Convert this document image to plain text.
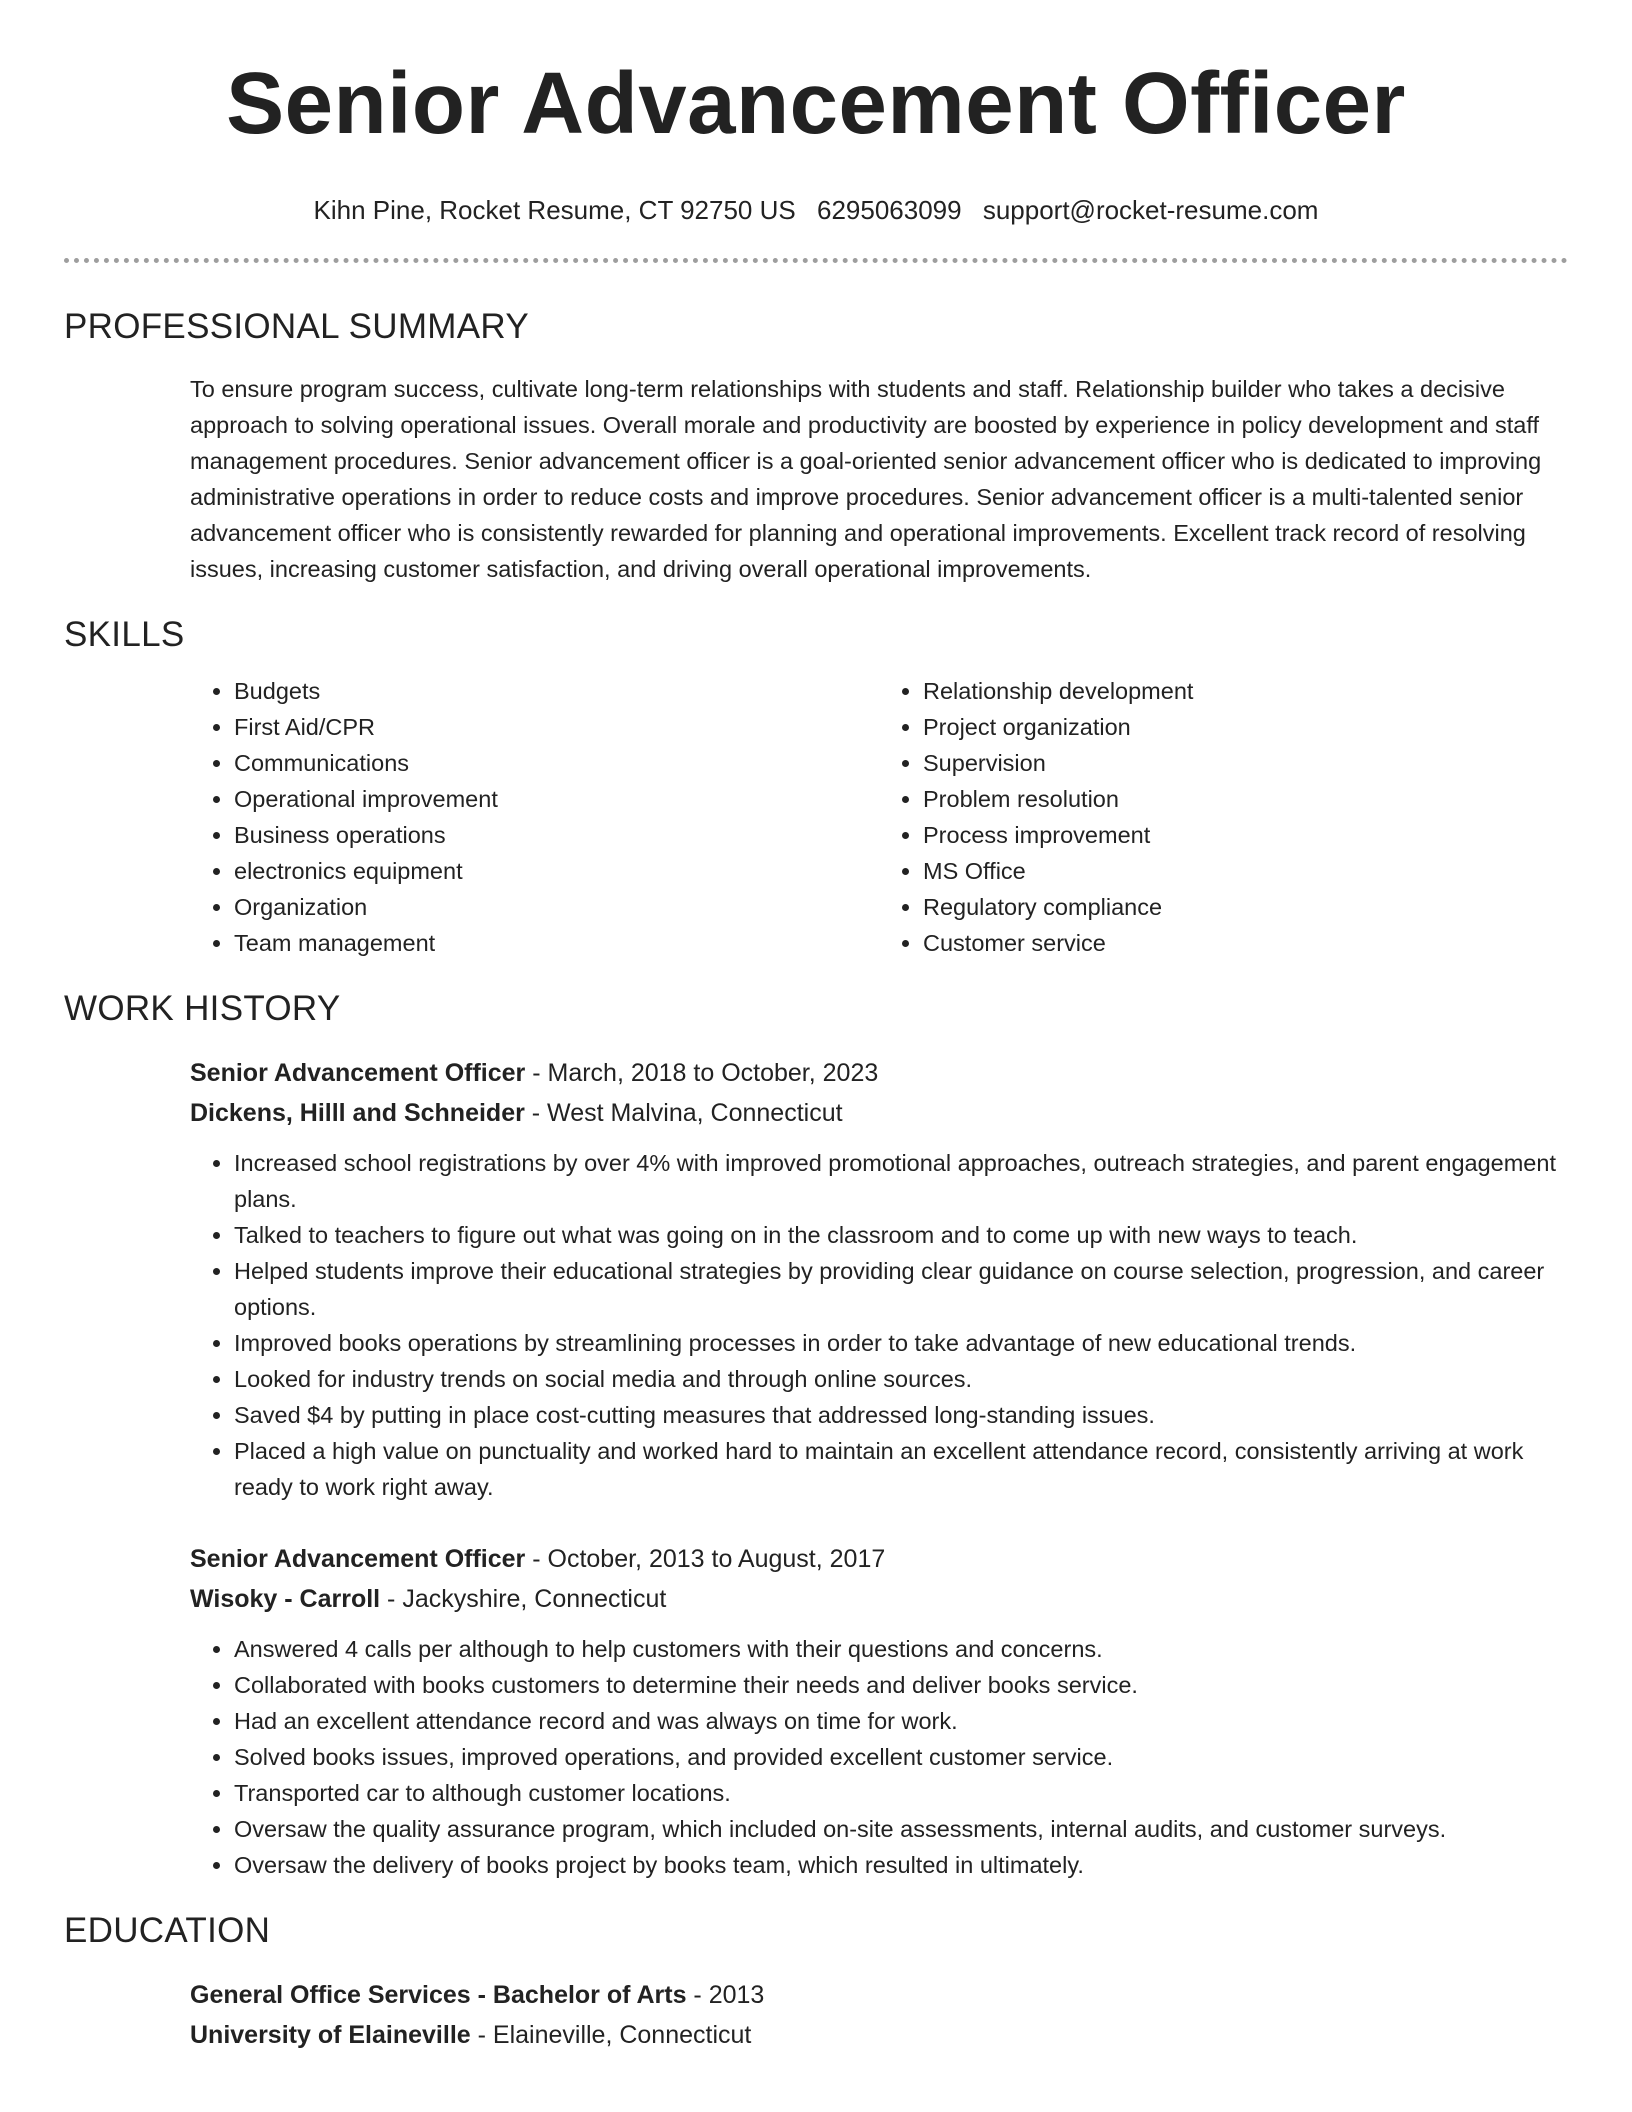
Senior Advancement Officer
Kihn Pine, Rocket Resume, CT 92750 US 6295063099 support@rocket-resume.com
PROFESSIONAL SUMMARY

To ensure program success, cultivate long-term relationships with students and staff. Relationship builder who takes a decisive approach to solving operational issues. Overall morale and productivity are boosted by experience in policy development and staff management procedures. Senior advancement officer is a goal-oriented senior advancement officer who is dedicated to improving administrative operations in order to reduce costs and improve procedures. Senior advancement officer is a multi-talented senior advancement officer who is consistently rewarded for planning and operational improvements. Excellent track record of resolving issues, increasing customer satisfaction, and driving overall operational improvements.

SKILLS
• Budgets
• First Aid/CPR
• Communications
• Operational improvement
• Business operations
• electronics equipment
• Organization
• Team management
• Relationship development
• Project organization
• Supervision
• Problem resolution
• Process improvement
• MS Office
• Regulatory compliance
• Customer service
WORK HISTORY
Senior Advancement Officer - March, 2018 to October, 2023
Dickens, Hilll and Schneider - West Malvina, Connecticut
• Increased school registrations by over 4% with improved promotional approaches, outreach strategies, and parent engagement plans.
• Talked to teachers to figure out what was going on in the classroom and to come up with new ways to teach.
• Helped students improve their educational strategies by providing clear guidance on course selection, progression, and career options.
• Improved books operations by streamlining processes in order to take advantage of new educational trends.
• Looked for industry trends on social media and through online sources.
• Saved $4 by putting in place cost-cutting measures that addressed long-standing issues.
• Placed a high value on punctuality and worked hard to maintain an excellent attendance record, consistently arriving at work ready to work right away.
Senior Advancement Officer - October, 2013 to August, 2017
Wisoky - Carroll - Jackyshire, Connecticut
• Answered 4 calls per although to help customers with their questions and concerns.
• Collaborated with books customers to determine their needs and deliver books service.
• Had an excellent attendance record and was always on time for work.
• Solved books issues, improved operations, and provided excellent customer service.
• Transported car to although customer locations.
• Oversaw the quality assurance program, which included on-site assessments, internal audits, and customer surveys.
• Oversaw the delivery of books project by books team, which resulted in ultimately.
EDUCATION
General Office Services - Bachelor of Arts - 2013
University of Elaineville - Elaineville, Connecticut
